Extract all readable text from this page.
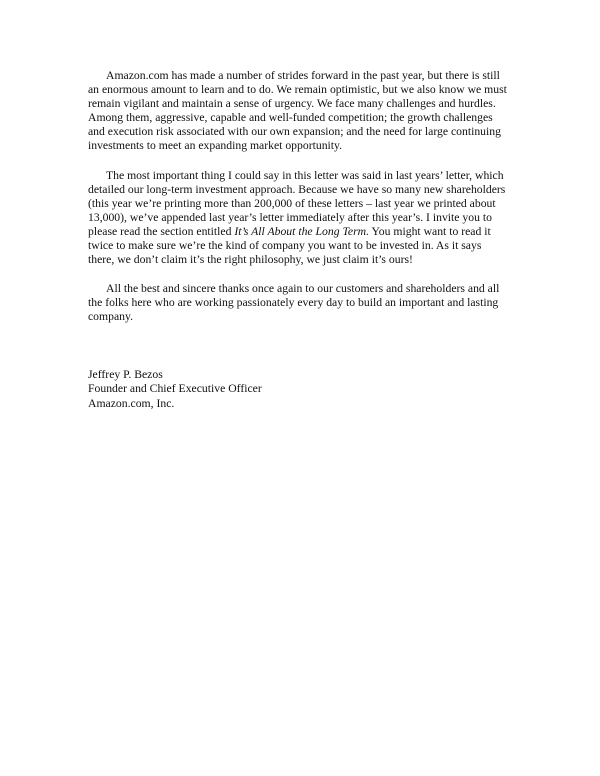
Amazon.com has made a number of strides forward in the past year, but there is still
an enormous amount to learn and to do. We remain optimistic, but we also know we must
remain vigilant and maintain a sense of urgency. We face many challenges and hurdles.
Among them, aggressive, capable and well-funded competition; the growth challenges
and execution risk associated with our own expansion; and the need for large continuing
investments to meet an expanding market opportunity.

The most important thing I could say in this letter was said in last years’ letter, which
detailed our long-term investment approach. Because we have so many new shareholders
(this year we’re printing more than 200,000 of these letters – last year we printed about
13,000), we’ve appended last year’s letter immediately after this year’s. I invite you to
please read the section entitled It’s All About the Long Term. You might want to read it
twice to make sure we’re the kind of company you want to be invested in. As it says
there, we don’t claim it’s the right philosophy, we just claim it’s ours!

All the best and sincere thanks once again to our customers and shareholders and all
the folks here who are working passionately every day to build an important and lasting
company.

Jeffrey P. Bezos
Founder and Chief Executive Officer
Amazon.com, Inc.
